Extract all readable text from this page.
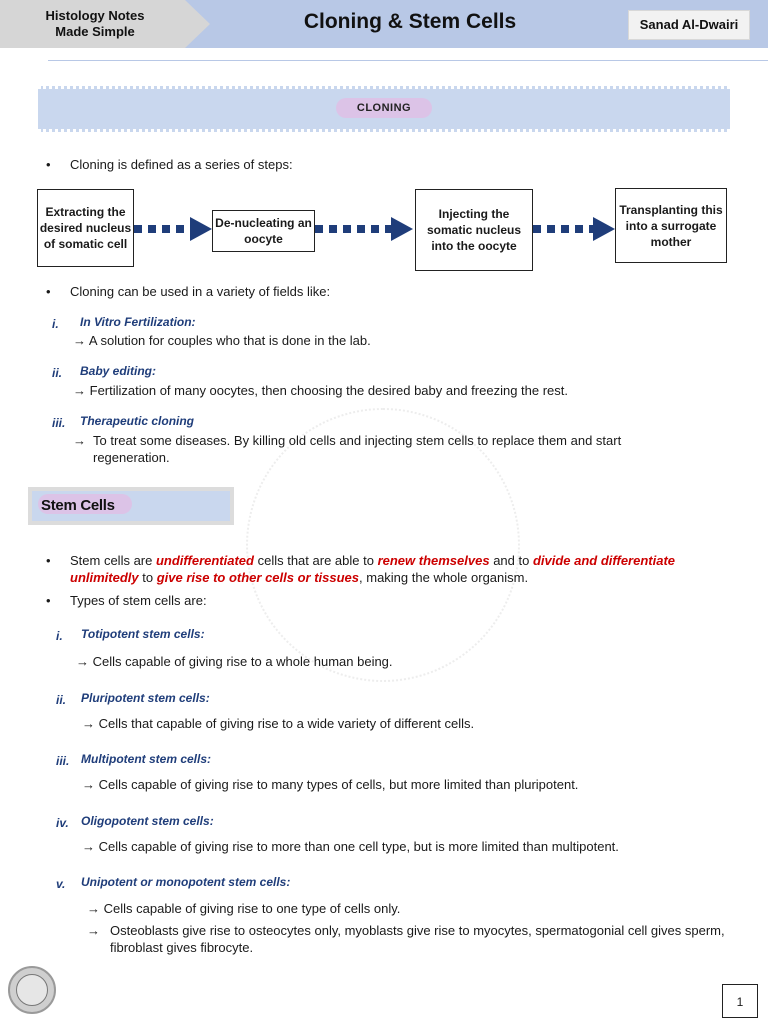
Histology Notes
Made Simple	Cloning & Stem Cells	Sanad Al-Dwairi
CLONING
• Cloning is defined as a series of steps:
Extracting the desired nucleus of somatic cell
De-nucleating an oocyte
Injecting the somatic nucleus into the oocyte
Transplanting this into a surrogate mother
• Cloning can be used in a variety of fields like:
i. In Vitro Fertilization:
→ A solution for couples who that is done in the lab.
ii. Baby editing:
→ Fertilization of many oocytes, then choosing the desired baby and freezing the rest.
iii. Therapeutic cloning
→ To treat some diseases. By killing old cells and injecting stem cells to replace them and start regeneration.
Stem Cells
• Stem cells are undifferentiated cells that are able to renew themselves and to divide and differentiate unlimitedly to give rise to other cells or tissues, making the whole organism.
• Types of stem cells are:
i. Totipotent stem cells:
→ Cells capable of giving rise to a whole human being.
ii. Pluripotent stem cells:
→ Cells that capable of giving rise to a wide variety of different cells.
iii. Multipotent stem cells:
→ Cells capable of giving rise to many types of cells, but more limited than pluripotent.
iv. Oligopotent stem cells:
→ Cells capable of giving rise to more than one cell type, but is more limited than multipotent.
v. Unipotent or monopotent stem cells:
→ Cells capable of giving rise to one type of cells only.
→ Osteoblasts give rise to osteocytes only, myoblasts give rise to myocytes, spermatogonial cell gives sperm, fibroblast gives fibrocyte.
1
